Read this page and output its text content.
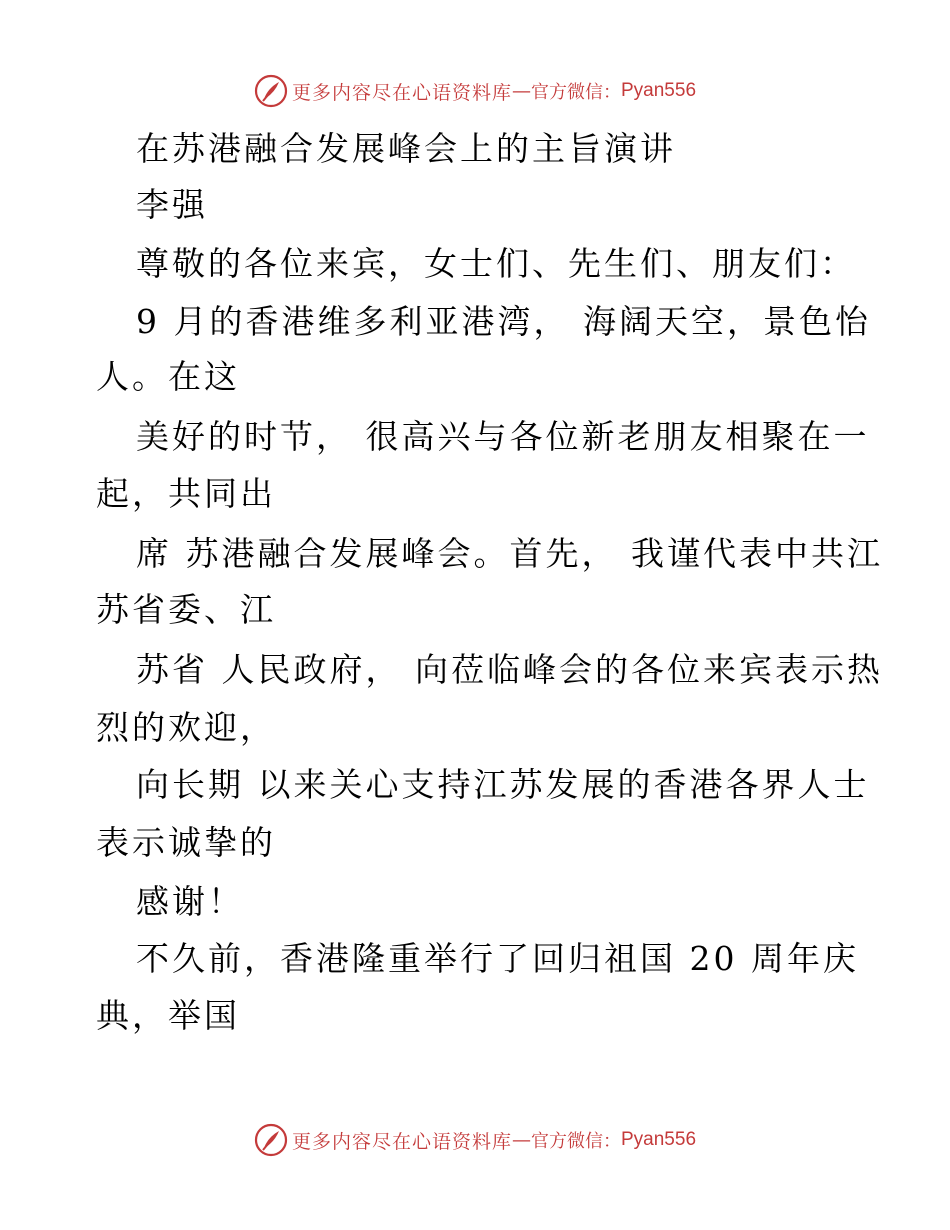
更多内容尽在心语资料库 — 官方微信： Pyan556
在苏港融合发展峰会上的主旨演讲
李强
尊敬的各位来宾，女士们、先生们、朋友们：
9 月的香港维多利亚港湾， 海阔天空，景色怡
人。在这
美好的时节， 很高兴与各位新老朋友相聚在一
起，共同出
席 苏港融合发展峰会。首先， 我谨代表中共江
苏省委、江
苏省 人民政府， 向莅临峰会的各位来宾表示热
烈的欢迎，
向长期 以来关心支持江苏发展的香港各界人士
表示诚挚的
感谢！
不久前，香港隆重举行了回归祖国 20 周年庆
典，举国
更多内容尽在心语资料库 — 官方微信： Pyan556
